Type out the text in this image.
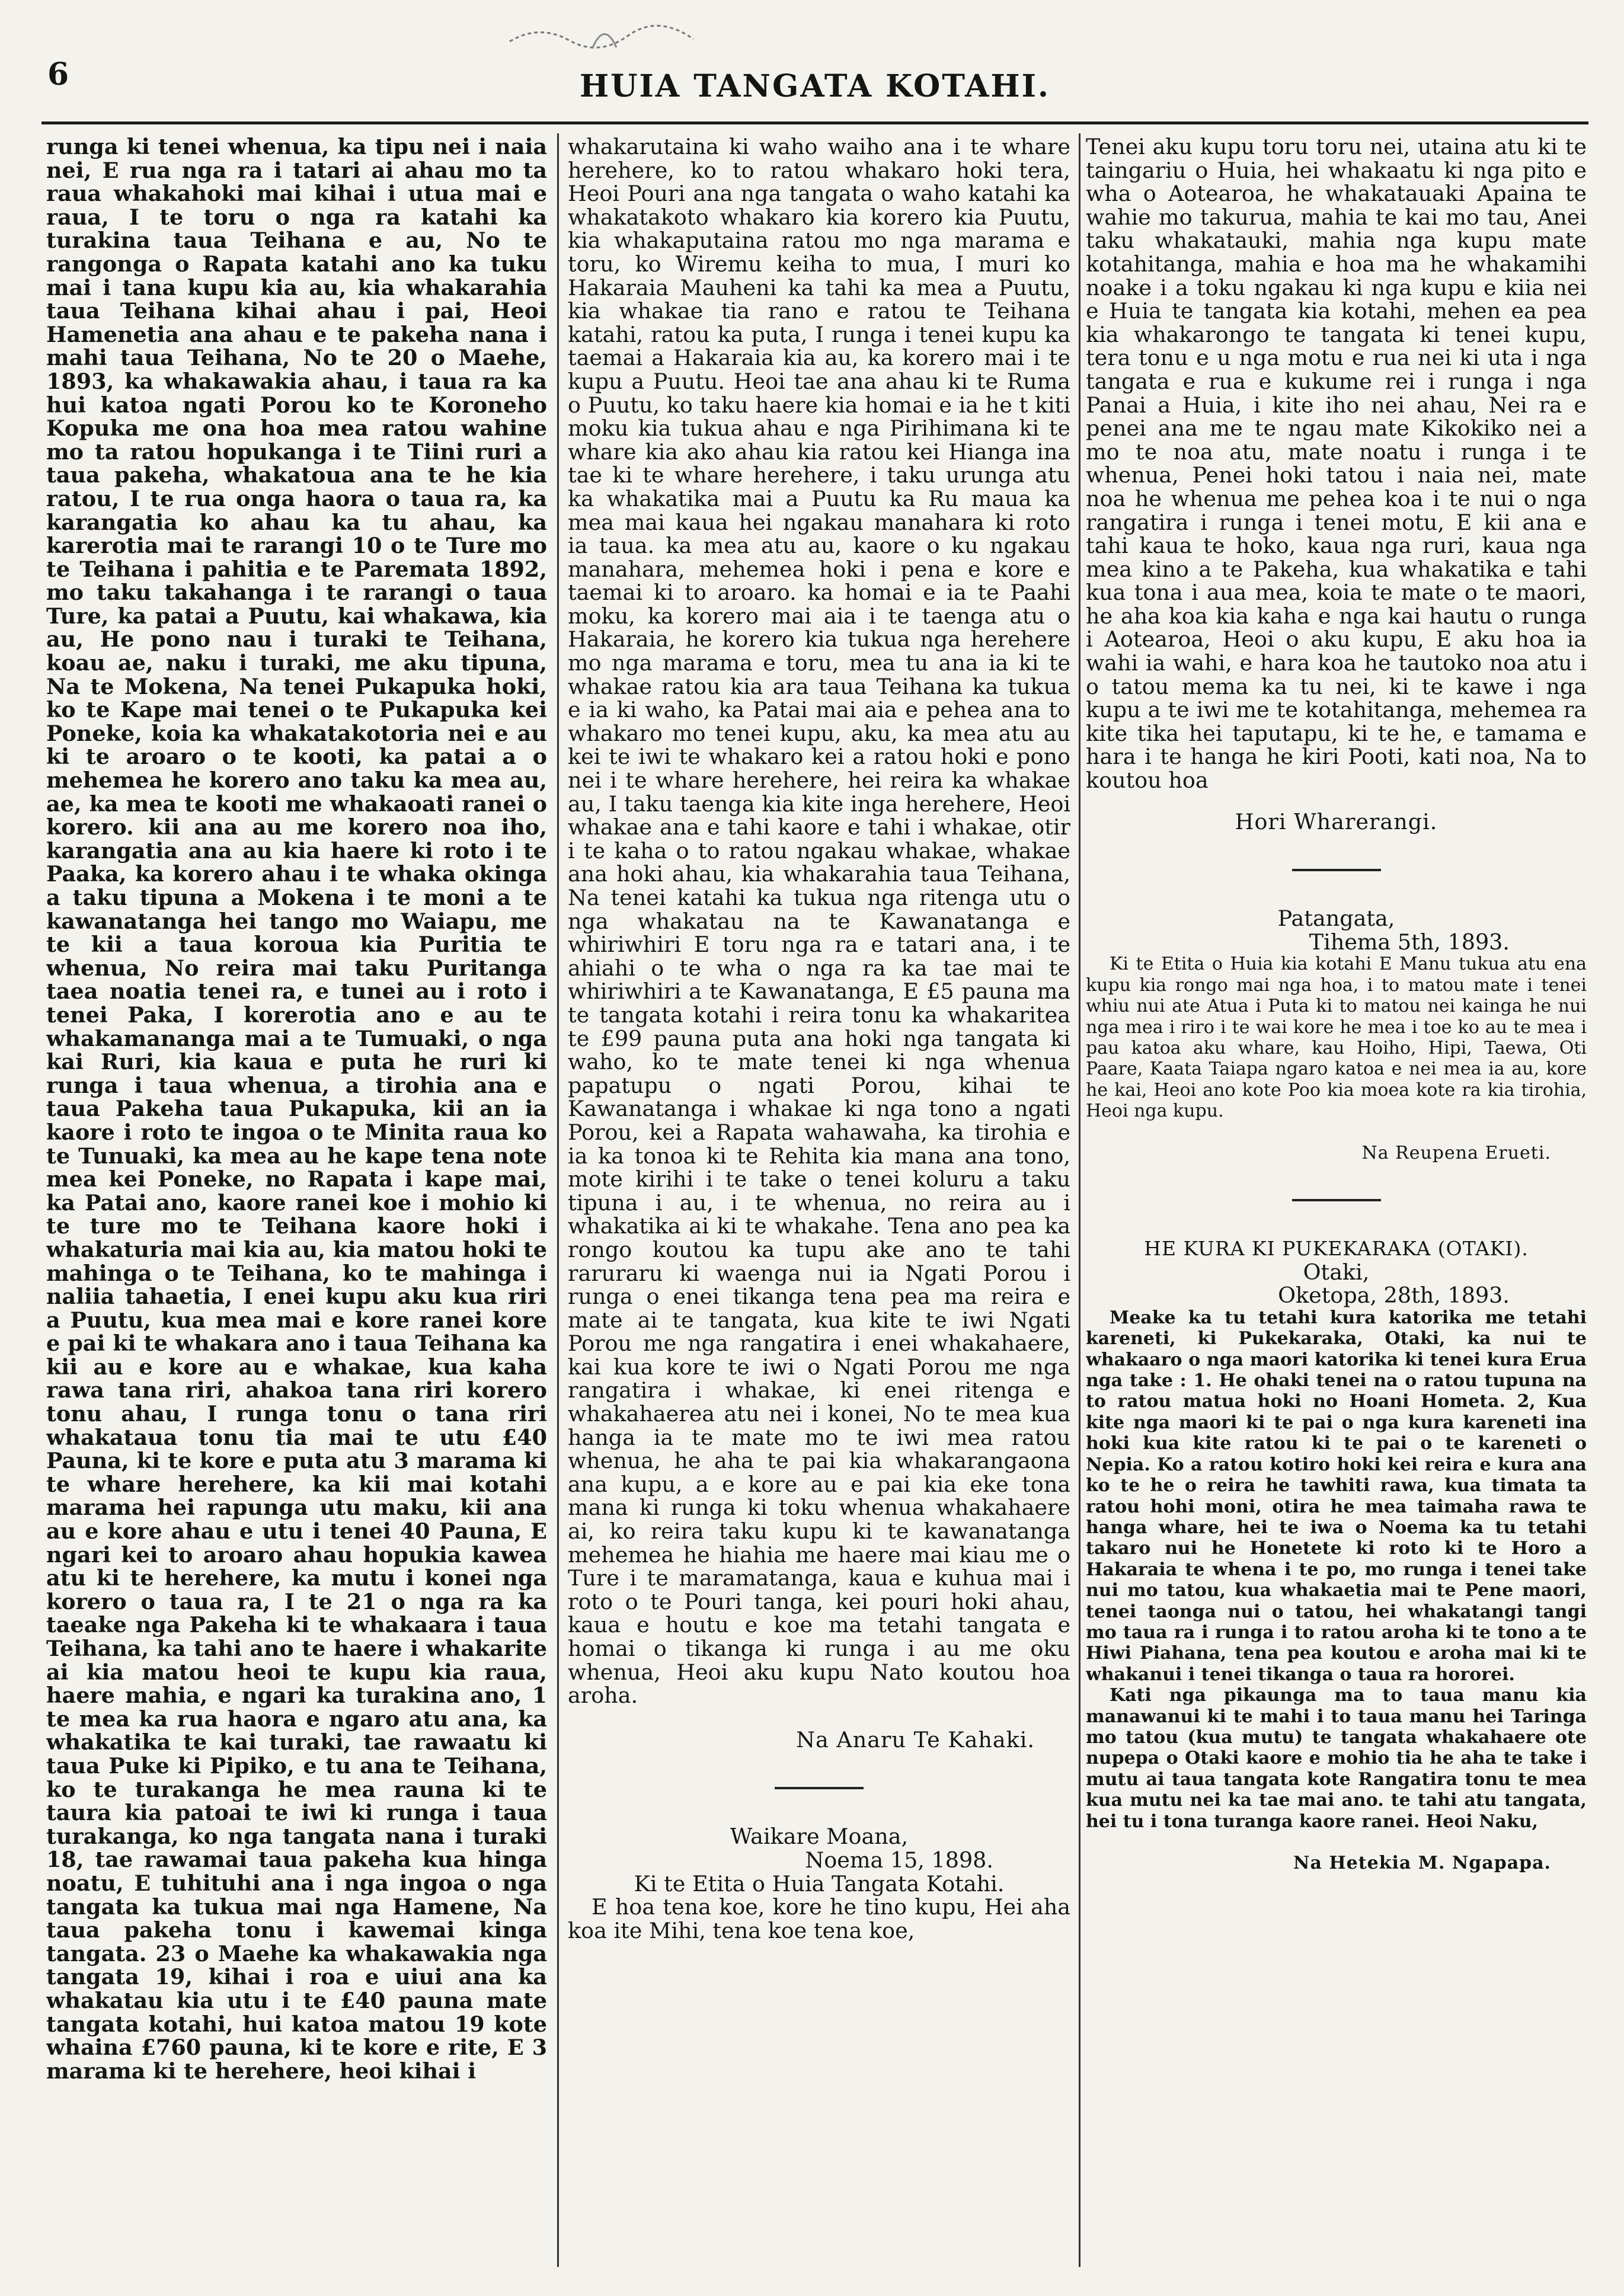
6	HUIA TANGATA KOTAHI.

runga ki tenei whenua, ka tipu nei i naia nei, E rua nga ra i tatari ai ahau mo ta raua whakahoki mai kihai i utua mai e raua, I te toru o nga ra katahi ka turakina taua Teihana e au, No te rangonga o Rapata katahi ano ka tuku mai i tana kupu kia au, kia whakarahia taua Teihana kihai ahau i pai, Heoi Hamenetia ana ahau e te pakeha nana i mahi taua Teihana, No te 20 o Maehe, 1893, ka whakawakia ahau, i taua ra ka hui katoa ngati Porou ko te Koroneho Kopuka me ona hoa mea ratou wahine mo ta ratou hopukanga i te Tiini ruri a taua pakeha, whakatoua ana te he kia ratou, I te rua onga haora o taua ra, ka karangatia ko ahau ka tu ahau, ka karerotia mai te rarangi 10 o te Ture mo te Teihana i pahitia e te Paremata 1892, mo taku takahanga i te rarangi o taua Ture, ka patai a Puutu, kai whakawa, kia au, He pono nau i turaki te Teihana, koau ae, naku i turaki, me aku tipuna, Na te Mokena, Na tenei Pukapuka hoki, ko te Kape mai tenei o te Pukapuka kei Poneke, koia ka whakatakotoria nei e au ki te aroaro o te kooti, ka patai a o mehemea he korero ano taku ka mea au, ae, ka mea te kooti me whakaoati ranei o korero. kii ana au me korero noa iho, karangatia ana au kia haere ki roto i te Paaka, ka korero ahau i te whaka okinga a taku tipuna a Mokena i te moni a te kawanatanga hei tango mo Waiapu, me te kii a taua koroua kia Puritia te whenua, No reira mai taku Puritanga taea noatia tenei ra, e tunei au i roto i tenei Paka, I korerotia ano e au te whakamananga mai a te Tumuaki, o nga kai Ruri, kia kaua e puta he ruri ki runga i taua whenua, a tirohia ana e taua Pakeha taua Pukapuka, kii an ia kaore i roto te ingoa o te Minita raua ko te Tunuaki, ka mea au he kape tena note mea kei Poneke, no Rapata i kape mai, ka Patai ano, kaore ranei koe i mohio ki te ture mo te Teihana kaore hoki i whakaturia mai kia au, kia matou hoki te mahinga o te Teihana, ko te mahinga i naliia tahaetia, I enei kupu aku kua riri a Puutu, kua mea mai e kore ranei kore e pai ki te whakara ano i taua Teihana ka kii au e kore au e whakae, kua kaha rawa tana riri, ahakoa tana riri korero tonu ahau, I runga tonu o tana riri whakataua tonu tia mai te utu £40 Pauna, ki te kore e puta atu 3 marama ki te whare herehere, ka kii mai kotahi marama hei rapunga utu maku, kii ana au e kore ahau e utu i tenei 40 Pauna, E ngari kei to aroaro ahau hopukia kawea atu ki te herehere, ka mutu i konei nga korero o taua ra, I te 21 o nga ra ka taeake nga Pakeha ki te whakaara i taua Teihana, ka tahi ano te haere i whakarite ai kia matou heoi te kupu kia raua, haere mahia, e ngari ka turakina ano, 1 te mea ka rua haora e ngaro atu ana, ka whakatika te kai turaki, tae rawaatu ki taua Puke ki Pipiko, e tu ana te Teihana, ko te turakanga he mea rauna ki te taura kia patoai te iwi ki runga i taua turakanga, ko nga tangata nana i turaki 18, tae rawamai taua pakeha kua hinga noatu, E tuhituhi ana i nga ingoa o nga tangata ka tukua mai nga Hamene, Na taua pakeha tonu i kawemai kinga tangata. 23 o Maehe ka whakawakia nga tangata 19, kihai i roa e uiui ana ka whakatau kia utu i te £40 pauna mate tangata kotahi, hui katoa matou 19 kote whaina £760 pauna, ki te kore e rite, E 3 marama ki te herehere, heoi kihai i

whakarutaina ki waho waiho ana i te whare herehere, ko to ratou whakaro hoki tera, Heoi Pouri ana nga tangata o waho katahi ka whakatakoto whakaro kia korero kia Puutu, kia whakaputaina ratou mo nga marama e toru, ko Wiremu keiha to mua, I muri ko Hakaraia Mauheni ka tahi ka mea a Puutu, kia whakae tia rano e ratou te Teihana katahi, ratou ka puta, I runga i tenei kupu ka taemai a Hakaraia kia au, ka korero mai i te kupu a Puutu. Heoi tae ana ahau ki te Ruma o Puutu, ko taku haere kia homai e ia he t kiti moku kia tukua ahau e nga Pirihimana ki te whare kia ako ahau kia ratou kei Hianga ina tae ki te whare herehere, i taku urunga atu ka whakatika mai a Puutu ka Ru maua ka mea mai kaua hei ngakau manahara ki roto ia taua. ka mea atu au, kaore o ku ngakau manahara, mehemea hoki i pena e kore e taemai ki to aroaro. ka homai e ia te Paahi moku, ka korero mai aia i te taenga atu o Hakaraia, he korero kia tukua nga herehere mo nga marama e toru, mea tu ana ia ki te whakae ratou kia ara taua Teihana ka tukua e ia ki waho, ka Patai mai aia e pehea ana to whakaro mo tenei kupu, aku, ka mea atu au kei te iwi te whakaro kei a ratou hoki e pono nei i te whare herehere, hei reira ka whakae au, I taku taenga kia kite inga herehere, Heoi whakae ana e tahi kaore e tahi i whakae, otir i te kaha o to ratou ngakau whakae, whakae ana hoki ahau, kia whakarahia taua Teihana, Na tenei katahi ka tukua nga ritenga utu o nga whakatau na te Kawanatanga e whiriwhiri E toru nga ra e tatari ana, i te ahiahi o te wha o nga ra ka tae mai te whiriwhiri a te Kawanatanga, E £5 pauna ma te tangata kotahi i reira tonu ka whakaritea te £99 pauna puta ana hoki nga tangata ki waho, ko te mate tenei ki nga whenua papatupu o ngati Porou, kihai te Kawanatanga i whakae ki nga tono a ngati Porou, kei a Rapata wahawaha, ka tirohia e ia ka tonoa ki te Rehita kia mana ana tono, mote kirihi i te take o tenei koluru a taku tipuna i au, i te whenua, no reira au i whakatika ai ki te whakahe. Tena ano pea ka rongo koutou ka tupu ake ano te tahi raruraru ki waenga nui ia Ngati Porou i runga o enei tikanga tena pea ma reira e mate ai te tangata, kua kite te iwi Ngati Porou me nga rangatira i enei whakahaere, kai kua kore te iwi o Ngati Porou me nga rangatira i whakae, ki enei ritenga e whakahaerea atu nei i konei, No te mea kua hanga ia te mate mo te iwi mea ratou whenua, he aha te pai kia whakarangaona ana kupu, a e kore au e pai kia eke tona mana ki runga ki toku whenua whakahaere ai, ko reira taku kupu ki te kawanatanga mehemea he hiahia me haere mai kiau me o Ture i te maramatanga, kaua e kuhua mai i roto o te Pouri tanga, kei pouri hoki ahau, kaua e houtu e koe ma tetahi tangata e homai o tikanga ki runga i au me oku whenua, Heoi aku kupu Nato koutou hoa aroha.

Na Anaru Te Kahaki.
Waikare Moana,
Noema 15, 1898.
Ki te Etita o Huia Tangata Kotahi.

E hoa tena koe, kore he tino kupu, Hei aha koa ite Mihi, tena koe tena koe,

Tenei aku kupu toru toru nei, utaina atu ki te taingariu o Huia, hei whakaatu ki nga pito e wha o Aotearoa, he whakatauaki Apaina te wahie mo takurua, mahia te kai mo tau, Anei taku whakatauki, mahia nga kupu mate kotahitanga, mahia e hoa ma he whakamihi noake i a toku ngakau ki nga kupu e kiia nei e Huia te tangata kia kotahi, mehen ea pea kia whakarongo te tangata ki tenei kupu, tera tonu e u nga motu e rua nei ki uta i nga tangata e rua e kukume rei i runga i nga Panai a Huia, i kite iho nei ahau, Nei ra e penei ana me te ngau mate Kikokiko nei a mo te noa atu, mate noatu i runga i te whenua, Penei hoki tatou i naia nei, mate noa he whenua me pehea koa i te nui o nga rangatira i runga i tenei motu, E kii ana e tahi kaua te hoko, kaua nga ruri, kaua nga mea kino a te Pakeha, kua whakatika e tahi kua tona i aua mea, koia te mate o te maori, he aha koa kia kaha e nga kai hautu o runga i Aotearoa, Heoi o aku kupu, E aku hoa ia wahi ia wahi, e hara koa he tautoko noa atu i o tatou mema ka tu nei, ki te kawe i nga kupu a te iwi me te kotahitanga, mehemea ra kite tika hei taputapu, ki te he, e tamama e hara i te hanga he kiri Pooti, kati noa, Na to koutou hoa

Hori Wharerangi.
Patangata,
Tihema 5th, 1893.

Ki te Etita o Huia kia kotahi E Manu tukua atu ena kupu kia rongo mai nga hoa, i to matou mate i tenei whiu nui ate Atua i Puta ki to matou nei kainga he nui nga mea i riro i te wai kore he mea i toe ko au te mea i pau katoa aku whare, kau Hoiho, Hipi, Taewa, Oti Paare, Kaata Taiapa ngaro katoa e nei mea ia au, kore he kai, Heoi ano kote Poo kia moea kote ra kia tirohia, Heoi nga kupu.

Na Reupena Erueti.
HE KURA KI PUKEKARAKA (OTAKI).
Otaki,
Oketopa, 28th, 1893.

Meake ka tu tetahi kura katorika me tetahi kareneti, ki Pukekaraka, Otaki, ka nui te whakaaro o nga maori katorika ki tenei kura Erua nga take : 1. He ohaki tenei na o ratou tupuna na to ratou matua hoki no Hoani Hometa. 2, Kua kite nga maori ki te pai o nga kura kareneti ina hoki kua kite ratou ki te pai o te kareneti o Nepia. Ko a ratou kotiro hoki kei reira e kura ana ko te he o reira he tawhiti rawa, kua timata ta ratou hohi moni, otira he mea taimaha rawa te hanga whare, hei te iwa o Noema ka tu tetahi takaro nui he Honetete ki roto ki te Horo a Hakaraia te whena i te po, mo runga i tenei take nui mo tatou, kua whakaetia mai te Pene maori, tenei taonga nui o tatou, hei whakatangi tangi mo taua ra i runga i to ratou aroha ki te tono a te Hiwi Piahana, tena pea koutou e aroha mai ki te whakanui i tenei tikanga o taua ra hororei.

Kati nga pikaunga ma to taua manu kia manawanui ki te mahi i to taua manu hei Taringa mo tatou (kua mutu) te tangata whakahaere ote nupepa o Otaki kaore e mohio tia he aha te take i mutu ai taua tangata kote Rangatira tonu te mea kua mutu nei ka tae mai ano. te tahi atu tangata, hei tu i tona turanga kaore ranei. Heoi Naku,

Na Hetekia M. Ngapapa.
